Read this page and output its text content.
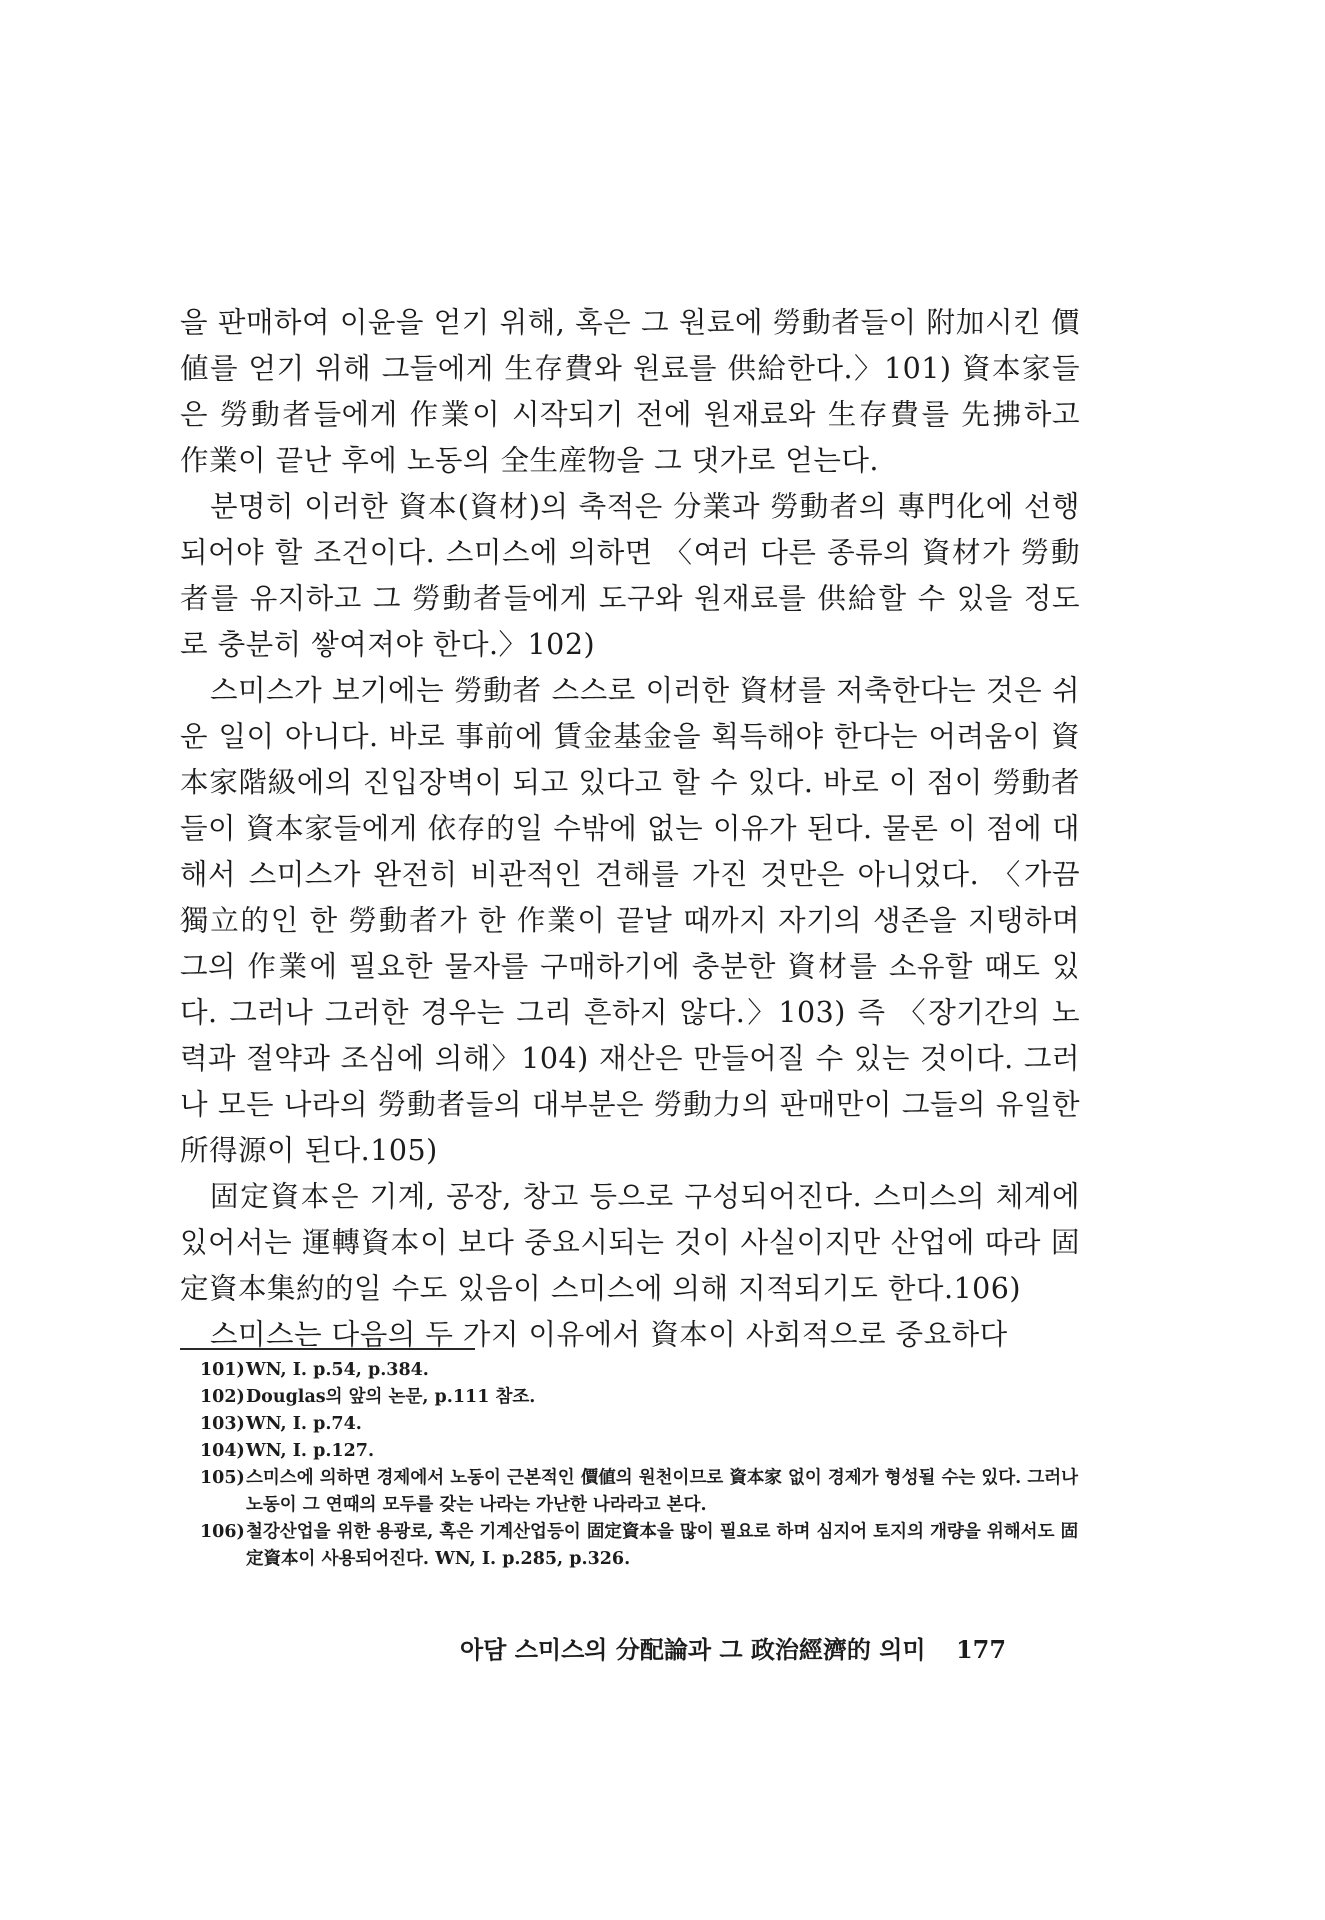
을 판매하여 이윤을 얻기 위해, 혹은 그 원료에 勞動者들이 附加시킨 價値를 얻기 위해 그들에게 生存費와 원료를 供給한다.〉101) 資本家들은 勞動者들에게 作業이 시작되기 전에 원재료와 生存費를 先拂하고 作業이 끝난 후에 노동의 全生産物을 그 댓가로 얻는다.

분명히 이러한 資本(資材)의 축적은 分業과 勞動者의 專門化에 선행되어야 할 조건이다. 스미스에 의하면 〈여러 다른 종류의 資材가 勞動者를 유지하고 그 勞動者들에게 도구와 원재료를 供給할 수 있을 정도로 충분히 쌓여져야 한다.〉102)

스미스가 보기에는 勞動者 스스로 이러한 資材를 저축한다는 것은 쉬운 일이 아니다. 바로 事前에 賃金基金을 획득해야 한다는 어려움이 資本家階級에의 진입장벽이 되고 있다고 할 수 있다. 바로 이 점이 勞動者들이 資本家들에게 依存的일 수밖에 없는 이유가 된다. 물론 이 점에 대해서 스미스가 완전히 비관적인 견해를 가진 것만은 아니었다. 〈가끔 獨立的인 한 勞動者가 한 作業이 끝날 때까지 자기의 생존을 지탱하며 그의 作業에 필요한 물자를 구매하기에 충분한 資材를 소유할 때도 있다. 그러나 그러한 경우는 그리 흔하지 않다.〉103) 즉 〈장기간의 노력과 절약과 조심에 의해〉104) 재산은 만들어질 수 있는 것이다. 그러나 모든 나라의 勞動者들의 대부분은 勞動力의 판매만이 그들의 유일한 所得源이 된다.105)

固定資本은 기계, 공장, 창고 등으로 구성되어진다. 스미스의 체계에 있어서는 運轉資本이 보다 중요시되는 것이 사실이지만 산업에 따라 固定資本集約的일 수도 있음이 스미스에 의해 지적되기도 한다.106)

스미스는 다음의 두 가지 이유에서 資本이 사회적으로 중요하다

101) WN, I. p.54, p.384.
102) Douglas의 앞의 논문, p.111 참조.
103) WN, I. p.74.
104) WN, I. p.127.
105) 스미스에 의하면 경제에서 노동이 근본적인 價値의 원천이므로 資本家 없이 경제가 형성될 수는 있다. 그러나 노동이 그 연때의 모두를 갖는 나라는 가난한 나라라고 본다.
106) 철강산업을 위한 용광로, 혹은 기계산업등이 固定資本을 많이 필요로 하며 심지어 토지의 개량을 위해서도 固定資本이 사용되어진다. WN, I. p.285, p.326.
아담 스미스의 分配論과 그 政治經濟的 의미 177
